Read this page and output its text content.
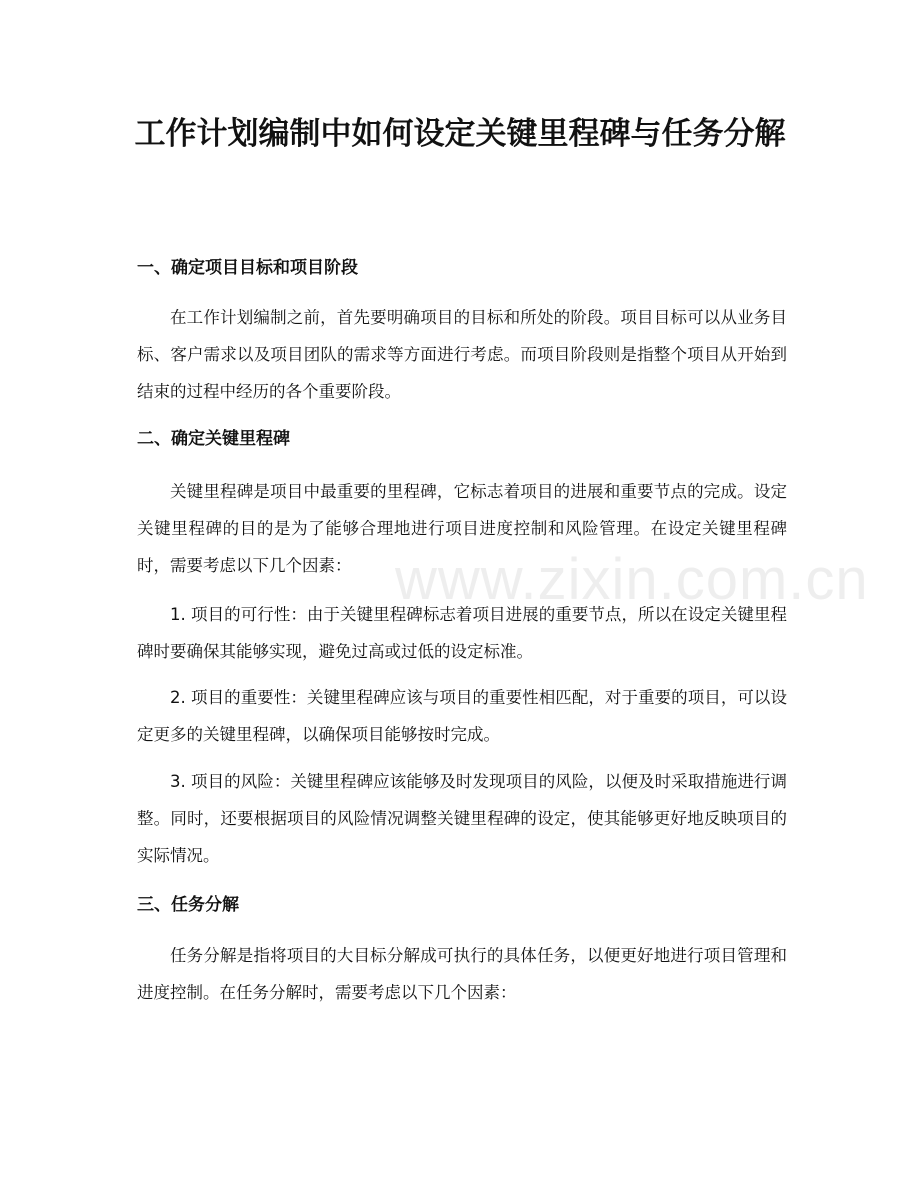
工作计划编制中如何设定关键里程碑与任务分解
一、确定项目目标和项目阶段

在工作计划编制之前，首先要明确项目的目标和所处的阶段。项目目标可以从业务目标、客户需求以及项目团队的需求等方面进行考虑。而项目阶段则是指整个项目从开始到结束的过程中经历的各个重要阶段。

二、确定关键里程碑

关键里程碑是项目中最重要的里程碑，它标志着项目的进展和重要节点的完成。设定关键里程碑的目的是为了能够合理地进行项目进度控制和风险管理。在设定关键里程碑时，需要考虑以下几个因素：

1. 项目的可行性：由于关键里程碑标志着项目进展的重要节点，所以在设定关键里程碑时要确保其能够实现，避免过高或过低的设定标准。

2. 项目的重要性：关键里程碑应该与项目的重要性相匹配，对于重要的项目，可以设定更多的关键里程碑，以确保项目能够按时完成。

3. 项目的风险：关键里程碑应该能够及时发现项目的风险，以便及时采取措施进行调整。同时，还要根据项目的风险情况调整关键里程碑的设定，使其能够更好地反映项目的实际情况。

三、任务分解

任务分解是指将项目的大目标分解成可执行的具体任务，以便更好地进行项目管理和进度控制。在任务分解时，需要考虑以下几个因素：

www.zixin.com.cn
